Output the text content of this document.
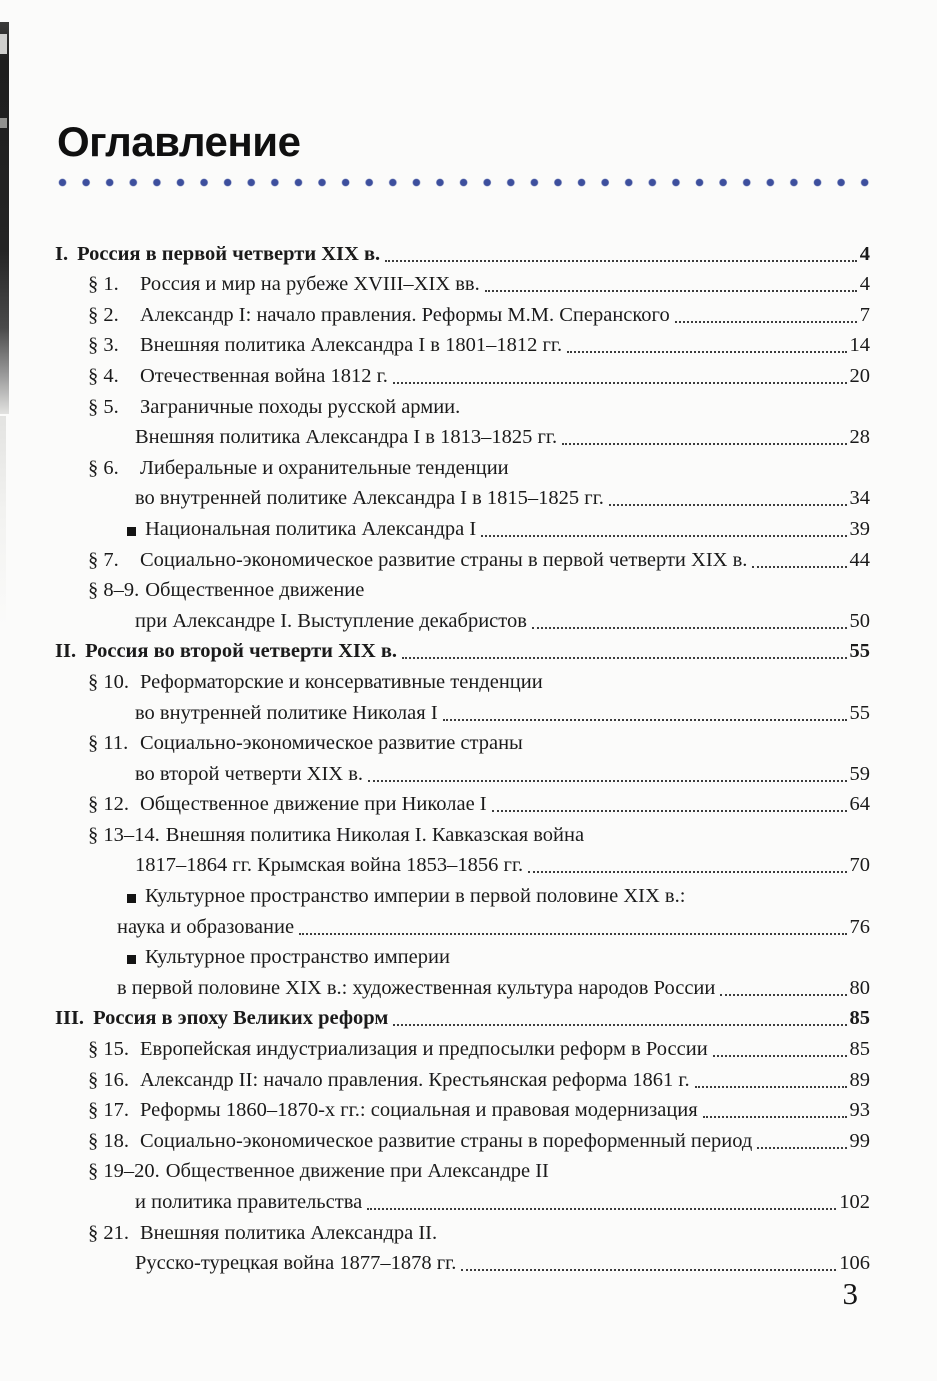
Оглавление
I. Россия в первой четверти XIX в.	4
§ 1.	Россия и мир на рубеже XVIII–XIX вв.	4
§ 2.	Александр I: начало правления. Реформы М.М. Сперанского	7
§ 3.	Внешняя политика Александра I в 1801–1812 гг.	14
§ 4.	Отечественная война 1812 г.	20
§ 5.	Заграничные походы русской армии.
Внешняя политика Александра I в 1813–1825 гг.	28
§ 6.	Либеральные и охранительные тенденции
во внутренней политике Александра I в 1815–1825 гг.	34
Национальная политика Александра I	39
§ 7.	Социально-экономическое развитие страны в первой четверти XIX в.	44
§ 8–9. Общественное движение
при Александре I. Выступление декабристов	50
II. Россия во второй четверти XIX в.	55
§ 10. Реформаторские и консервативные тенденции
во внутренней политике Николая I	55
§ 11. Социально-экономическое развитие страны
во второй четверти XIX в.	59
§ 12. Общественное движение при Николае I	64
§ 13–14. Внешняя политика Николая I. Кавказская война
1817–1864 гг. Крымская война 1853–1856 гг.	70
Культурное пространство империи в первой половине XIX в.:
наука и образование	76
Культурное пространство империи
в первой половине XIX в.: художественная культура народов России	80
III. Россия в эпоху Великих реформ	85
§ 15. Европейская индустриализация и предпосылки реформ в России	85
§ 16. Александр II: начало правления. Крестьянская реформа 1861 г.	89
§ 17. Реформы 1860–1870-х гг.: социальная и правовая модернизация	93
§ 18. Социально-экономическое развитие страны в пореформенный период	99
§ 19–20. Общественное движение при Александре II
и политика правительства	102
§ 21. Внешняя политика Александра II.
Русско-турецкая война 1877–1878 гг.	106
3
